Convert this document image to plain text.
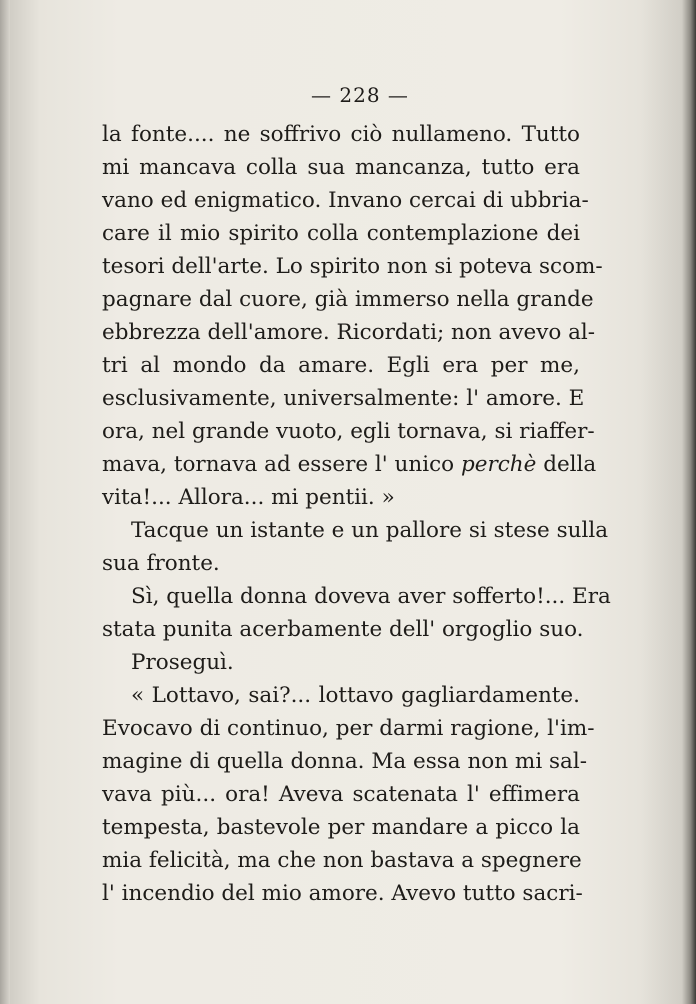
— 228 —
la fonte.... ne soffrivo ciò nullameno. Tutto
mi mancava colla sua mancanza, tutto era
vano ed enigmatico. Invano cercai di ubbria-
care il mio spirito colla contemplazione dei
tesori dell'arte. Lo spirito non si poteva scom-
pagnare dal cuore, già immerso nella grande
ebbrezza dell'amore. Ricordati; non avevo al-
tri al mondo da amare. Egli era per me,
esclusivamente, universalmente: l' amore. E
ora, nel grande vuoto, egli tornava, si riaffer-
mava, tornava ad essere l' unico perchè della
vita!... Allora... mi pentii. »
Tacque un istante e un pallore si stese sulla
sua fronte.
Sì, quella donna doveva aver sofferto!... Era
stata punita acerbamente dell' orgoglio suo.
Proseguì.
« Lottavo, sai?... lottavo gagliardamente.
Evocavo di continuo, per darmi ragione, l'im-
magine di quella donna. Ma essa non mi sal-
vava più... ora! Aveva scatenata l' effimera
tempesta, bastevole per mandare a picco la
mia felicità, ma che non bastava a spegnere
l' incendio del mio amore. Avevo tutto sacri-
